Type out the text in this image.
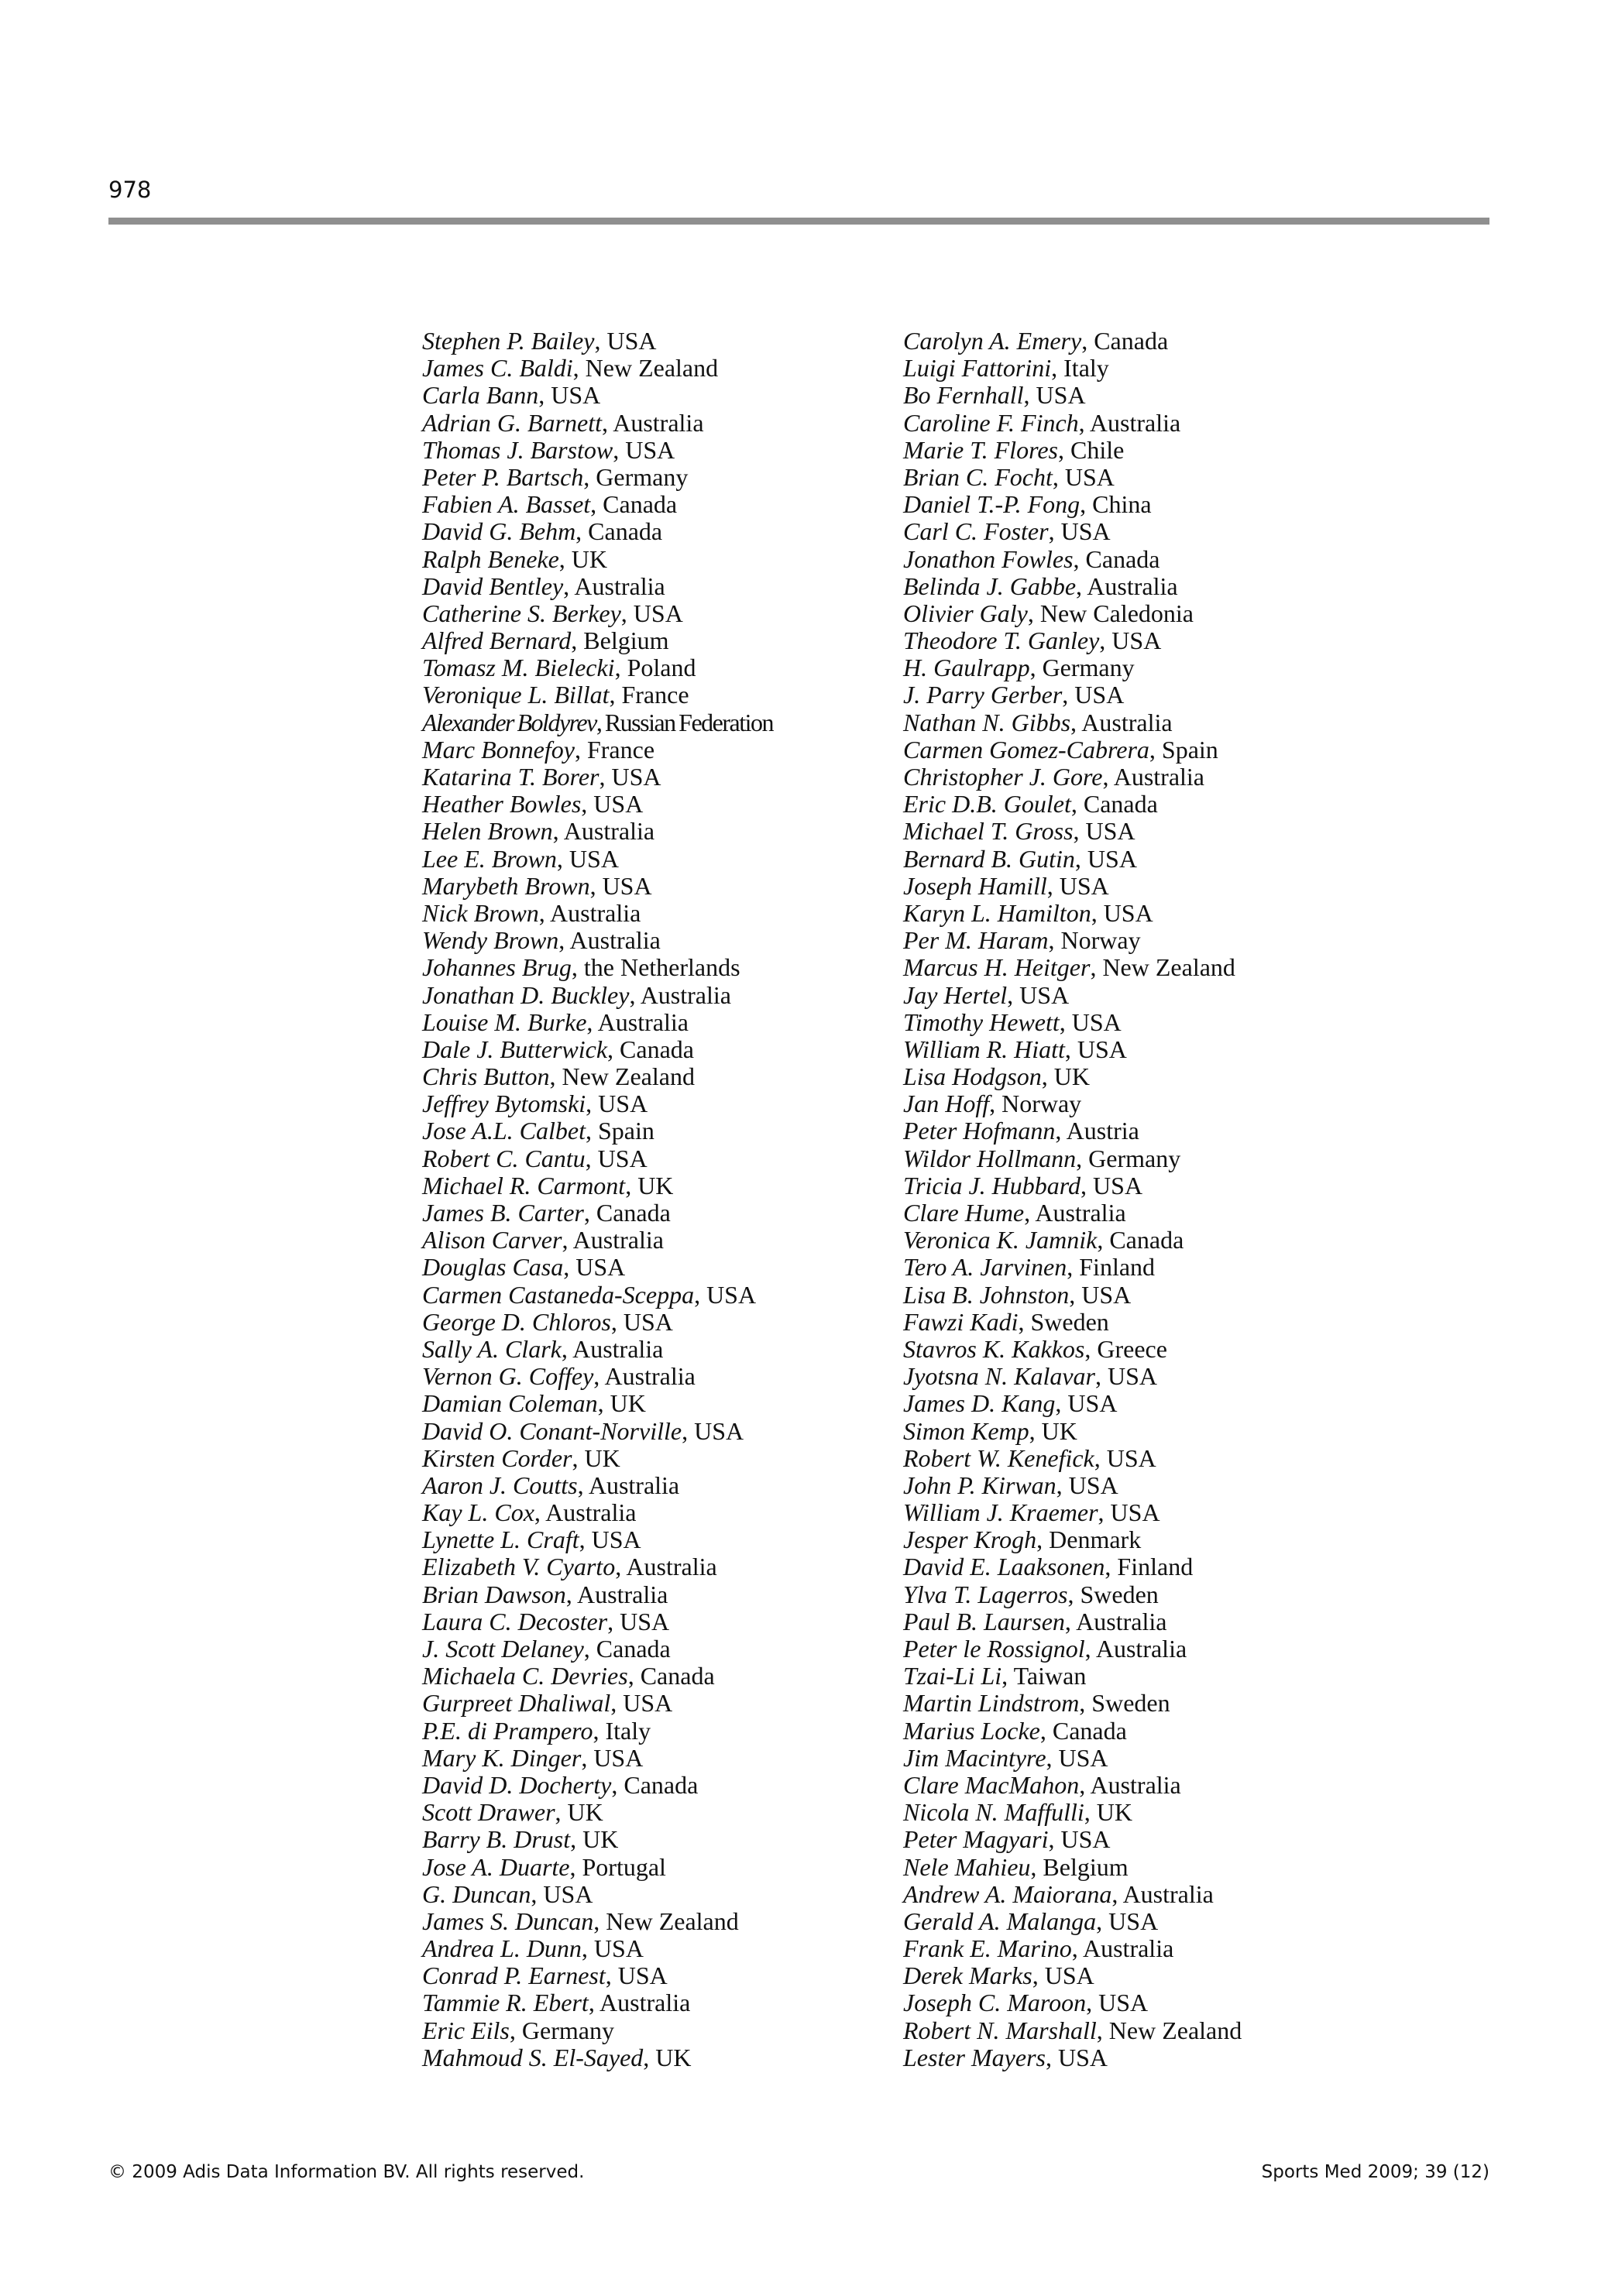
978
Stephen P. Bailey, USA
James C. Baldi, New Zealand
Carla Bann, USA
Adrian G. Barnett, Australia
Thomas J. Barstow, USA
Peter P. Bartsch, Germany
Fabien A. Basset, Canada
David G. Behm, Canada
Ralph Beneke, UK
David Bentley, Australia
Catherine S. Berkey, USA
Alfred Bernard, Belgium
Tomasz M. Bielecki, Poland
Veronique L. Billat, France
Alexander Boldyrev, Russian Federation
Marc Bonnefoy, France
Katarina T. Borer, USA
Heather Bowles, USA
Helen Brown, Australia
Lee E. Brown, USA
Marybeth Brown, USA
Nick Brown, Australia
Wendy Brown, Australia
Johannes Brug, the Netherlands
Jonathan D. Buckley, Australia
Louise M. Burke, Australia
Dale J. Butterwick, Canada
Chris Button, New Zealand
Jeffrey Bytomski, USA
Jose A.L. Calbet, Spain
Robert C. Cantu, USA
Michael R. Carmont, UK
James B. Carter, Canada
Alison Carver, Australia
Douglas Casa, USA
Carmen Castaneda-Sceppa, USA
George D. Chloros, USA
Sally A. Clark, Australia
Vernon G. Coffey, Australia
Damian Coleman, UK
David O. Conant-Norville, USA
Kirsten Corder, UK
Aaron J. Coutts, Australia
Kay L. Cox, Australia
Lynette L. Craft, USA
Elizabeth V. Cyarto, Australia
Brian Dawson, Australia
Laura C. Decoster, USA
J. Scott Delaney, Canada
Michaela C. Devries, Canada
Gurpreet Dhaliwal, USA
P.E. di Prampero, Italy
Mary K. Dinger, USA
David D. Docherty, Canada
Scott Drawer, UK
Barry B. Drust, UK
Jose A. Duarte, Portugal
G. Duncan, USA
James S. Duncan, New Zealand
Andrea L. Dunn, USA
Conrad P. Earnest, USA
Tammie R. Ebert, Australia
Eric Eils, Germany
Mahmoud S. El-Sayed, UK
Carolyn A. Emery, Canada
Luigi Fattorini, Italy
Bo Fernhall, USA
Caroline F. Finch, Australia
Marie T. Flores, Chile
Brian C. Focht, USA
Daniel T.-P. Fong, China
Carl C. Foster, USA
Jonathon Fowles, Canada
Belinda J. Gabbe, Australia
Olivier Galy, New Caledonia
Theodore T. Ganley, USA
H. Gaulrapp, Germany
J. Parry Gerber, USA
Nathan N. Gibbs, Australia
Carmen Gomez-Cabrera, Spain
Christopher J. Gore, Australia
Eric D.B. Goulet, Canada
Michael T. Gross, USA
Bernard B. Gutin, USA
Joseph Hamill, USA
Karyn L. Hamilton, USA
Per M. Haram, Norway
Marcus H. Heitger, New Zealand
Jay Hertel, USA
Timothy Hewett, USA
William R. Hiatt, USA
Lisa Hodgson, UK
Jan Hoff, Norway
Peter Hofmann, Austria
Wildor Hollmann, Germany
Tricia J. Hubbard, USA
Clare Hume, Australia
Veronica K. Jamnik, Canada
Tero A. Jarvinen, Finland
Lisa B. Johnston, USA
Fawzi Kadi, Sweden
Stavros K. Kakkos, Greece
Jyotsna N. Kalavar, USA
James D. Kang, USA
Simon Kemp, UK
Robert W. Kenefick, USA
John P. Kirwan, USA
William J. Kraemer, USA
Jesper Krogh, Denmark
David E. Laaksonen, Finland
Ylva T. Lagerros, Sweden
Paul B. Laursen, Australia
Peter le Rossignol, Australia
Tzai-Li Li, Taiwan
Martin Lindstrom, Sweden
Marius Locke, Canada
Jim Macintyre, USA
Clare MacMahon, Australia
Nicola N. Maffulli, UK
Peter Magyari, USA
Nele Mahieu, Belgium
Andrew A. Maiorana, Australia
Gerald A. Malanga, USA
Frank E. Marino, Australia
Derek Marks, USA
Joseph C. Maroon, USA
Robert N. Marshall, New Zealand
Lester Mayers, USA
© 2009 Adis Data Information BV. All rights reserved.	Sports Med 2009; 39 (12)
